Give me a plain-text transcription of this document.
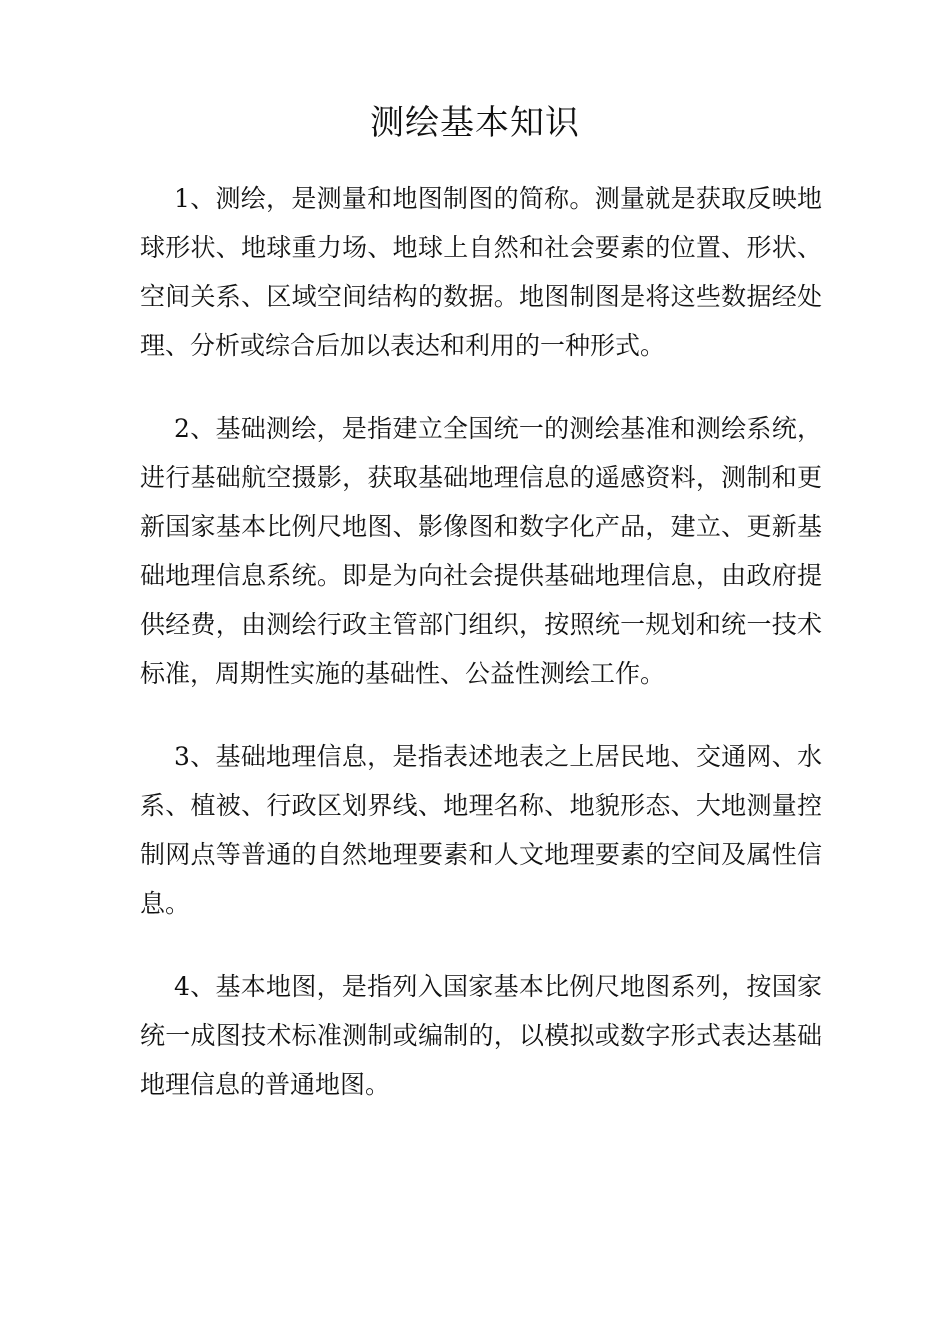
测绘基本知识

1、测绘，是测量和地图制图的简称。测量就是获取反映地球形状、地球重力场、地球上自然和社会要素的位置、形状、空间关系、区域空间结构的数据。地图制图是将这些数据经处理、分析或综合后加以表达和利用的一种形式。

2、基础测绘，是指建立全国统一的测绘基准和测绘系统，进行基础航空摄影，获取基础地理信息的遥感资料，测制和更新国家基本比例尺地图、影像图和数字化产品，建立、更新基础地理信息系统。即是为向社会提供基础地理信息，由政府提供经费，由测绘行政主管部门组织，按照统一规划和统一技术标准，周期性实施的基础性、公益性测绘工作。

3、基础地理信息，是指表述地表之上居民地、交通网、水系、植被、行政区划界线、地理名称、地貌形态、大地测量控制网点等普通的自然地理要素和人文地理要素的空间及属性信息。

4、基本地图，是指列入国家基本比例尺地图系列，按国家统一成图技术标准测制或编制的，以模拟或数字形式表达基础地理信息的普通地图。
